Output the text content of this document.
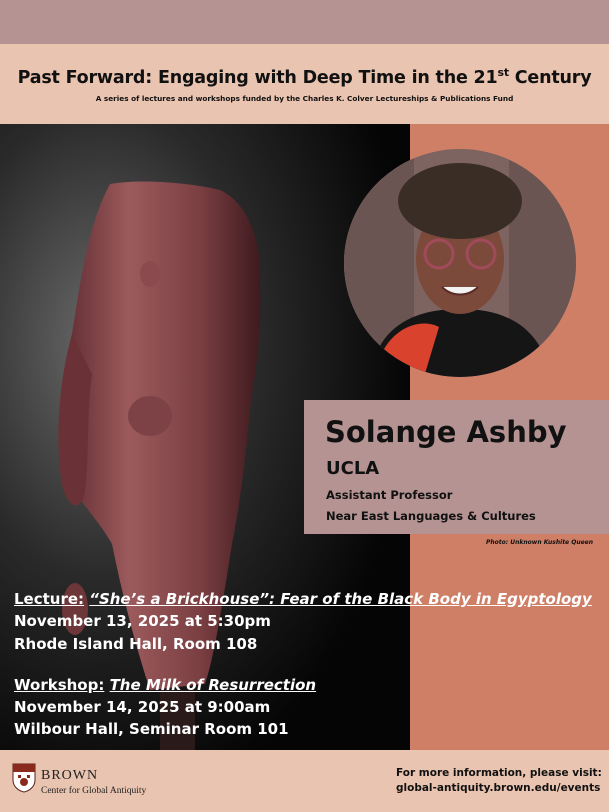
Past Forward: Engaging with Deep Time in the 21st Century
A series of lectures and workshops funded by the Charles K. Colver Lectureships & Publications Fund
Solange Ashby
UCLA
Assistant Professor
Near East Languages & Cultures
Photo: Unknown Kushite Queen
Lecture: “She’s a Brickhouse”: Fear of the Black Body in Egyptology
November 13, 2025 at 5:30pm
Rhode Island Hall, Room 108
Workshop: The Milk of Resurrection
November 14, 2025 at 9:00am
Wilbour Hall, Seminar Room 101
BROWN
Center for Global Antiquity
For more information, please visit:
global-antiquity.brown.edu/events
